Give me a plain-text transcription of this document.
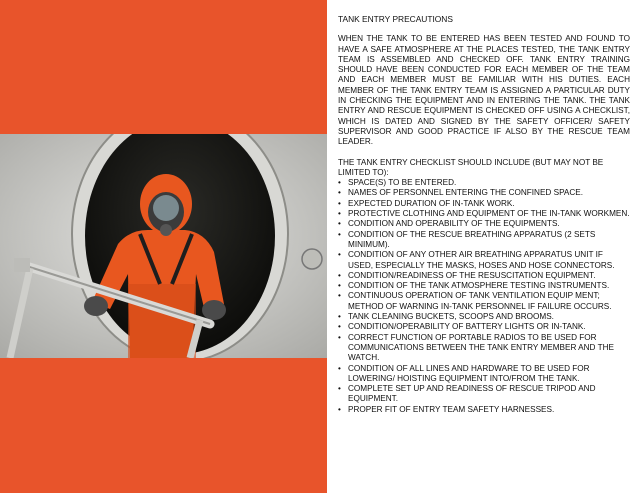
TANK ENTRY PRECAUTIONS

WHEN THE TANK TO BE ENTERED HAS BEEN TESTED AND FOUND TO HAVE A SAFE ATMOSPHERE AT THE PLACES TESTED, THE TANK ENTRY TEAM IS ASSEMBLED AND CHECKED OFF. TANK ENTRY TRAINING SHOULD HAVE BEEN CONDUCTED FOR EACH MEMBER OF THE TEAM AND EACH MEMBER MUST BE FAMILIAR WITH HIS DUTIES. EACH MEMBER OF THE TANK ENTRY TEAM IS ASSIGNED A PARTICULAR DUTY IN CHECKING THE EQUIPMENT AND IN ENTERING THE TANK. THE TANK ENTRY AND RESCUE EQUIPMENT IS CHECKED OFF USING A CHECKLIST, WHICH IS DATED AND SIGNED BY THE SAFETY OFFICER/ SAFETY SUPERVISOR AND GOOD PRACTICE IF ALSO BY THE RESCUE TEAM LEADER.

THE TANK ENTRY CHECKLIST SHOULD INCLUDE (BUT MAY NOT BE LIMITED TO):
• SPACE(S) TO BE ENTERED.
• NAMES OF PERSONNEL ENTERING THE CONFINED SPACE.
• EXPECTED DURATION OF IN-TANK WORK.
• PROTECTIVE CLOTHING AND EQUIPMENT OF THE IN-TANK WORKMEN.
• CONDITION AND OPERABILITY OF THE EQUIPMENTS.
• CONDITION OF THE RESCUE BREATHING APPARATUS (2 SETS MINIMUM).
• CONDITION OF ANY OTHER AIR BREATHING APPARATUS UNIT IF USED, ESPECIALLY THE MASKS, HOSES AND HOSE CONNECTORS.
• CONDITION/READINESS OF THE RESUSCITATION EQUIPMENT.
• CONDITION OF THE TANK ATMOSPHERE TESTING INSTRUMENTS.
• CONTINUOUS OPERATION OF TANK VENTILATION EQUIP MENT; METHOD OF WARNING IN-TANK PERSONNEL IF FAILURE OCCURS.
• TANK CLEANING BUCKETS, SCOOPS AND BROOMS.
• CONDITION/OPERABILITY OF BATTERY LIGHTS OR IN-TANK.
• CORRECT FUNCTION OF PORTABLE RADIOS TO BE USED FOR COMMUNICATIONS BETWEEN THE TANK ENTRY MEMBER AND THE WATCH.
• CONDITION OF ALL LINES AND HARDWARE TO BE USED FOR LOWERING/ HOISTING EQUIPMENT INTO/FROM THE TANK.
• COMPLETE SET UP AND READINESS OF RESCUE TRIPOD AND EQUIPMENT.
• PROPER FIT OF ENTRY TEAM SAFETY HARNESSES.
